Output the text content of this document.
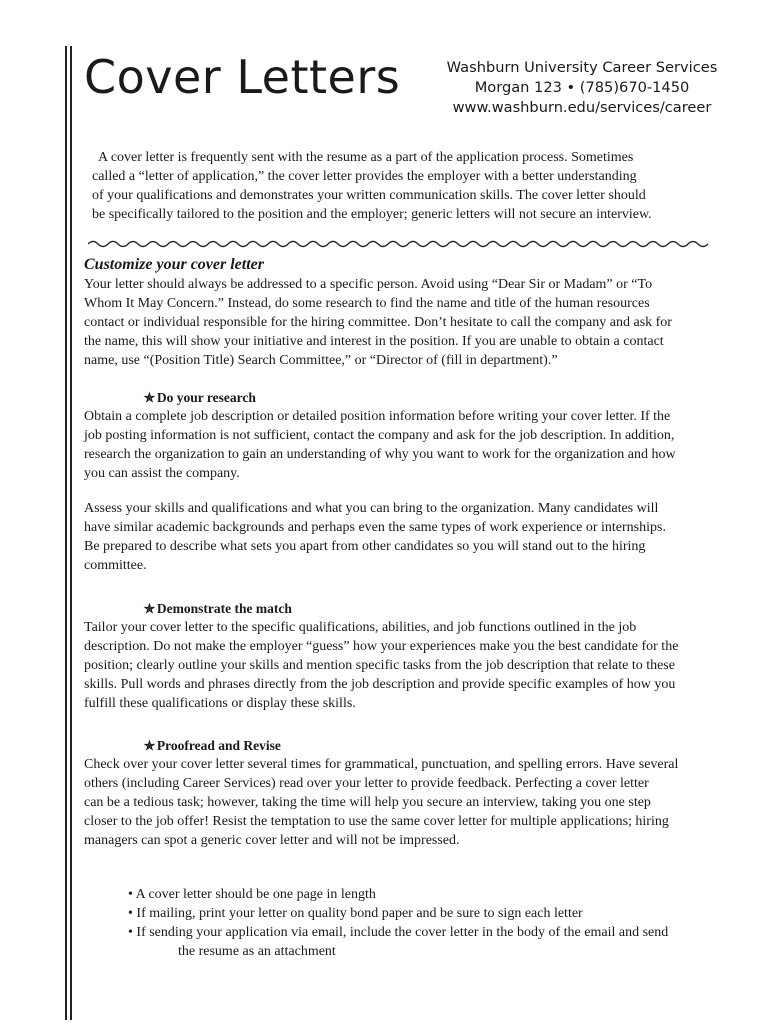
Cover Letters	Washburn University Career Services
Morgan 123 • (785)670-1450
www.washburn.edu/services/career

A cover letter is frequently sent with the resume as a part of the application process. Sometimes
called a “letter of application,” the cover letter provides the employer with a better understanding
of your qualifications and demonstrates your written communication skills. The cover letter should
be specifically tailored to the position and the employer; generic letters will not secure an interview.

Customize your cover letter

Your letter should always be addressed to a specific person. Avoid using “Dear Sir or Madam” or “To
Whom It May Concern.” Instead, do some research to find the name and title of the human resources
contact or individual responsible for the hiring committee. Don’t hesitate to call the company and ask for
the name, this will show your initiative and interest in the position. If you are unable to obtain a contact
name, use “(Position Title) Search Committee,” or “Director of (fill in department).”

✯ Do your research

Obtain a complete job description or detailed position information before writing your cover letter. If the
job posting information is not sufficient, contact the company and ask for the job description. In addition,
research the organization to gain an understanding of why you want to work for the organization and how
you can assist the company.
Assess your skills and qualifications and what you can bring to the organization. Many candidates will
have similar academic backgrounds and perhaps even the same types of work experience or internships.
Be prepared to describe what sets you apart from other candidates so you will stand out to the hiring
committee.

✯ Demonstrate the match

Tailor your cover letter to the specific qualifications, abilities, and job functions outlined in the job
description. Do not make the employer “guess” how your experiences make you the best candidate for the
position; clearly outline your skills and mention specific tasks from the job description that relate to these
skills. Pull words and phrases directly from the job description and provide specific examples of how you
fulfill these qualifications or display these skills.

✯ Proofread and Revise

Check over your cover letter several times for grammatical, punctuation, and spelling errors. Have several
others (including Career Services) read over your letter to provide feedback. Perfecting a cover letter
can be a tedious task; however, taking the time will help you secure an interview, taking you one step
closer to the job offer! Resist the temptation to use the same cover letter for multiple applications; hiring
managers can spot a generic cover letter and will not be impressed.
• A cover letter should be one page in length
• If mailing, print your letter on quality bond paper and be sure to sign each letter
• If sending your application via email, include the cover letter in the body of the email and send
the resume as an attachment
